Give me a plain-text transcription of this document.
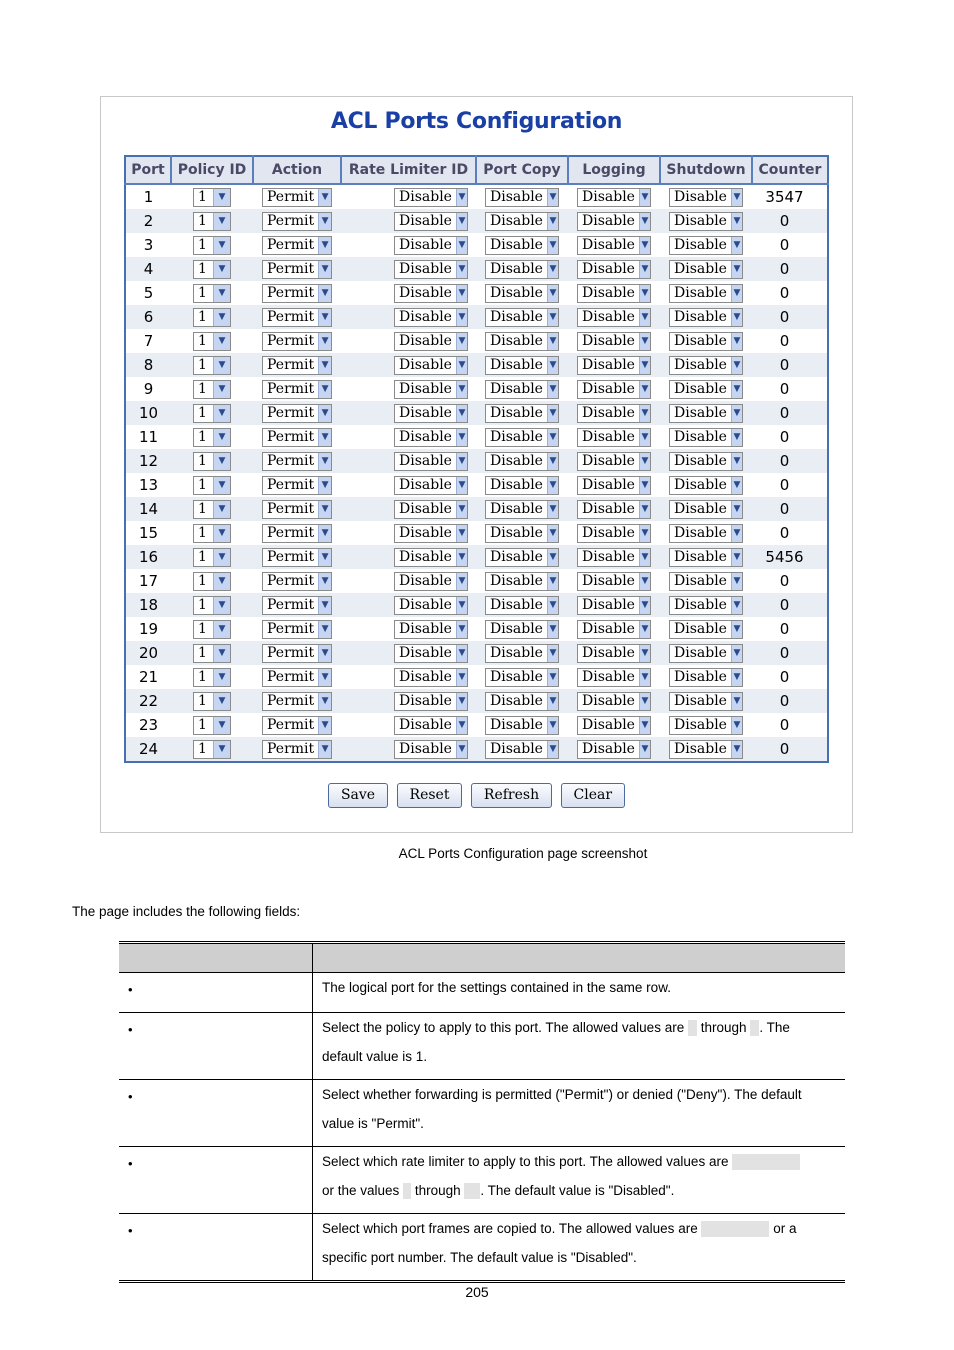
ACL Ports Configuration
Port	Policy ID	Action	Rate Limiter ID	Port Copy	Logging	Shutdown	Counter
1	1 ▼	Permit ▼	Disable ▼	Disable ▼	Disable ▼	Disable ▼	3547
2	1 ▼	Permit ▼	Disable ▼	Disable ▼	Disable ▼	Disable ▼	0
3	1 ▼	Permit ▼	Disable ▼	Disable ▼	Disable ▼	Disable ▼	0
4	1 ▼	Permit ▼	Disable ▼	Disable ▼	Disable ▼	Disable ▼	0
5	1 ▼	Permit ▼	Disable ▼	Disable ▼	Disable ▼	Disable ▼	0
6	1 ▼	Permit ▼	Disable ▼	Disable ▼	Disable ▼	Disable ▼	0
7	1 ▼	Permit ▼	Disable ▼	Disable ▼	Disable ▼	Disable ▼	0
8	1 ▼	Permit ▼	Disable ▼	Disable ▼	Disable ▼	Disable ▼	0
9	1 ▼	Permit ▼	Disable ▼	Disable ▼	Disable ▼	Disable ▼	0
10	1 ▼	Permit ▼	Disable ▼	Disable ▼	Disable ▼	Disable ▼	0
11	1 ▼	Permit ▼	Disable ▼	Disable ▼	Disable ▼	Disable ▼	0
12	1 ▼	Permit ▼	Disable ▼	Disable ▼	Disable ▼	Disable ▼	0
13	1 ▼	Permit ▼	Disable ▼	Disable ▼	Disable ▼	Disable ▼	0
14	1 ▼	Permit ▼	Disable ▼	Disable ▼	Disable ▼	Disable ▼	0
15	1 ▼	Permit ▼	Disable ▼	Disable ▼	Disable ▼	Disable ▼	0
16	1 ▼	Permit ▼	Disable ▼	Disable ▼	Disable ▼	Disable ▼	5456
17	1 ▼	Permit ▼	Disable ▼	Disable ▼	Disable ▼	Disable ▼	0
18	1 ▼	Permit ▼	Disable ▼	Disable ▼	Disable ▼	Disable ▼	0
19	1 ▼	Permit ▼	Disable ▼	Disable ▼	Disable ▼	Disable ▼	0
20	1 ▼	Permit ▼	Disable ▼	Disable ▼	Disable ▼	Disable ▼	0
21	1 ▼	Permit ▼	Disable ▼	Disable ▼	Disable ▼	Disable ▼	0
22	1 ▼	Permit ▼	Disable ▼	Disable ▼	Disable ▼	Disable ▼	0
23	1 ▼	Permit ▼	Disable ▼	Disable ▼	Disable ▼	Disable ▼	0
24	1 ▼	Permit ▼	Disable ▼	Disable ▼	Disable ▼	Disable ▼	0
Save Reset Refresh Clear
ACL Ports Configuration page screenshot
The page includes the following fields:

•	The logical port for the settings contained in the same row.

•	Select the policy to apply to this port. The allowed values are through . The
default value is 1.

•	Select whether forwarding is permitted ("Permit") or denied ("Deny"). The default value is "Permit".

•	Select which rate limiter to apply to this port. The allowed values are
or the values through . The default value is "Disabled".

•	Select which port frames are copied to. The allowed values are or a
specific port number. The default value is "Disabled".
205
